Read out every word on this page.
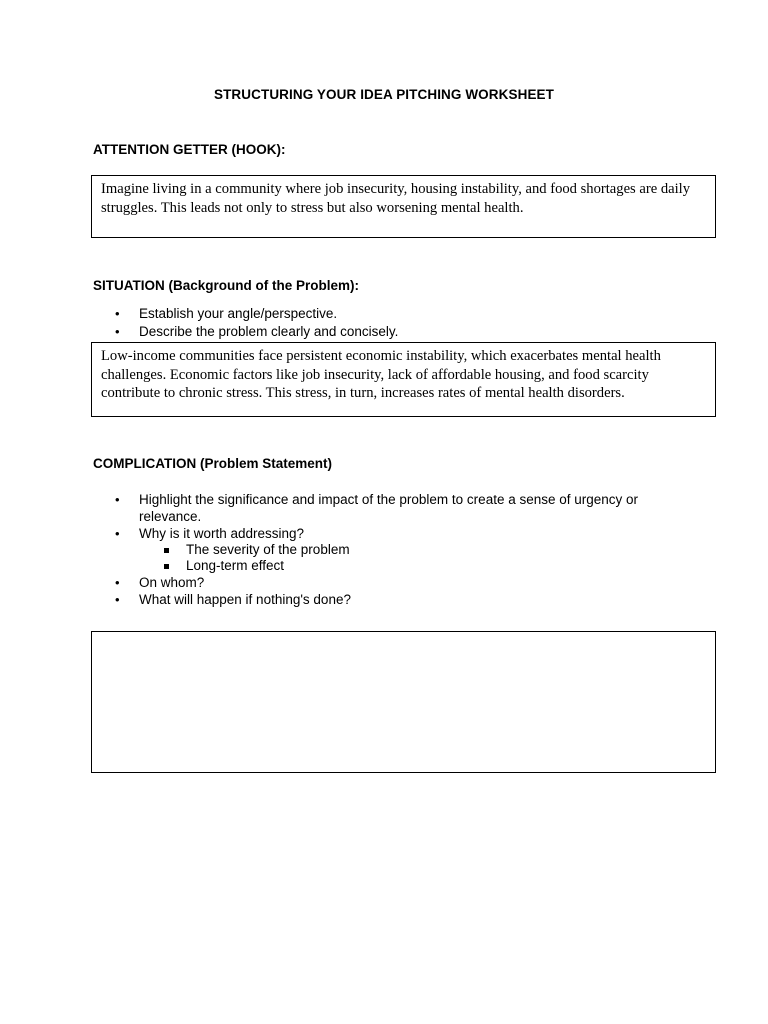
STRUCTURING YOUR IDEA PITCHING WORKSHEET
ATTENTION GETTER (HOOK):
Imagine living in a community where job insecurity, housing instability, and food shortages are daily struggles. This leads not only to stress but also worsening mental health.
SITUATION (Background of the Problem):
• Establish your angle/perspective.
• Describe the problem clearly and concisely.
Low-income communities face persistent economic instability, which exacerbates mental health challenges. Economic factors like job insecurity, lack of affordable housing, and food scarcity contribute to chronic stress. This stress, in turn, increases rates of mental health disorders.
COMPLICATION (Problem Statement)
• Highlight the significance and impact of the problem to create a sense of urgency or relevance.
• Why is it worth addressing?
The severity of the problem
Long-term effect
• On whom?
• What will happen if nothing's done?
